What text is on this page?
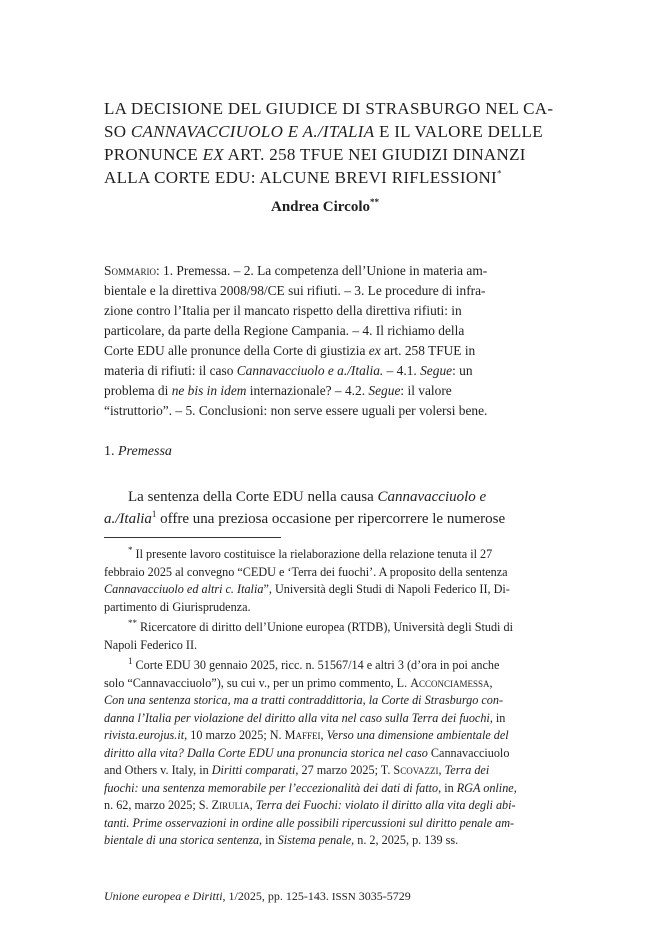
LA DECISIONE DEL GIUDICE DI STRASBURGO NEL CA-
SO CANNAVACCIUOLO E A./ITALIA E IL VALORE DELLE
PRONUNCE EX ART. 258 TFUE NEI GIUDIZI DINANZI
ALLA CORTE EDU: ALCUNE BREVI RIFLESSIONI*
Andrea Circolo**
Sommario: 1. Premessa. – 2. La competenza dell’Unione in materia am-
bientale e la direttiva 2008/98/CE sui rifiuti. – 3. Le procedure di infra-
zione contro l’Italia per il mancato rispetto della direttiva rifiuti: in
particolare, da parte della Regione Campania. – 4. Il richiamo della
Corte EDU alle pronunce della Corte di giustizia ex art. 258 TFUE in
materia di rifiuti: il caso Cannavacciuolo e a./Italia. – 4.1. Segue: un
problema di ne bis in idem internazionale? – 4.2. Segue: il valore
“istruttorio”. – 5. Conclusioni: non serve essere uguali per volersi bene.
1. Premessa
La sentenza della Corte EDU nella causa Cannavacciuolo e
a./Italia$^1$ offre una preziosa occasione per ripercorrere le numerose
* Il presente lavoro costituisce la rielaborazione della relazione tenuta il 27
febbraio 2025 al convegno “CEDU e ‘Terra dei fuochi’. A proposito della sentenza
Cannavacciuolo ed altri c. Italia”, Università degli Studi di Napoli Federico II, Di-
partimento di Giurisprudenza.
** Ricercatore di diritto dell’Unione europea (RTDB), Università degli Studi di
Napoli Federico II.
$^1$ Corte EDU 30 gennaio 2025, ricc. n. 51567/14 e altri 3 (d’ora in poi anche
solo “Cannavacciuolo”), su cui v., per un primo commento, L. Acconciamessa,
Con una sentenza storica, ma a tratti contraddittoria, la Corte di Strasburgo con-
danna l’Italia per violazione del diritto alla vita nel caso sulla Terra dei fuochi, in
rivista.eurojus.it, 10 marzo 2025; N. Maffei, Verso una dimensione ambientale del
diritto alla vita? Dalla Corte EDU una pronuncia storica nel caso Cannavacciuolo
and Others v. Italy, in Diritti comparati, 27 marzo 2025; T. Scovazzi, Terra dei
fuochi: una sentenza memorabile per l’eccezionalità dei dati di fatto, in RGA online,
n. 62, marzo 2025; S. Zirulia, Terra dei Fuochi: violato il diritto alla vita degli abi-
tanti. Prime osservazioni in ordine alle possibili ripercussioni sul diritto penale am-
bientale di una storica sentenza, in Sistema penale, n. 2, 2025, p. 139 ss.
Unione europea e Diritti, 1/2025, pp. 125-143. ISSN 3035-5729
